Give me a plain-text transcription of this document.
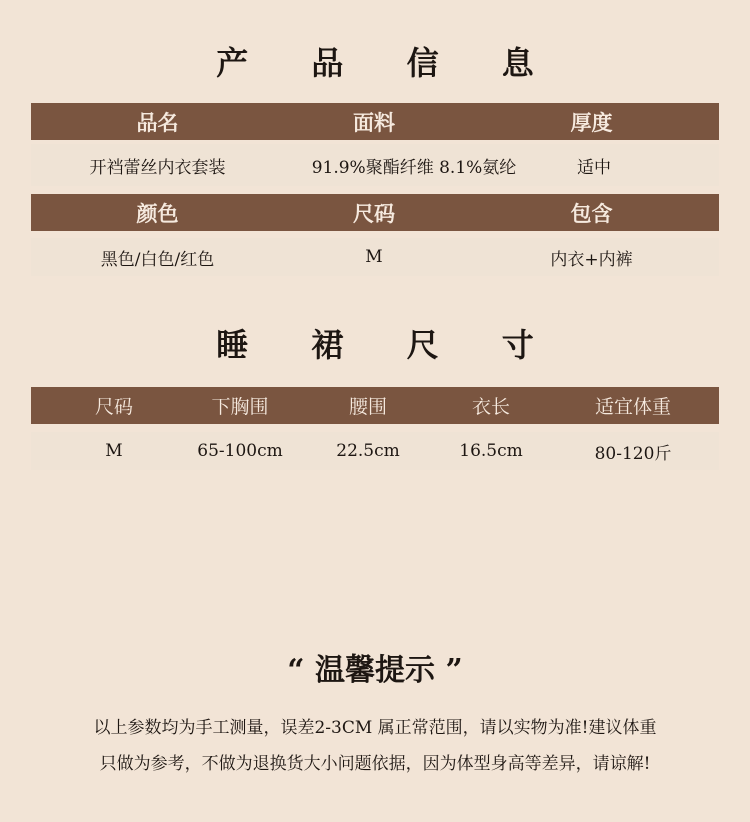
产 品 信 息
品名	面料	厚度
开裆蕾丝内衣套装	91.9%聚酯纤维 8.1%氨纶	适中
颜色	尺码	包含
黑色/白色/红色	M	内衣+内裤
睡 裙 尺 寸
尺码	下胸围	腰围	衣长	适宜体重
M	65-100cm	22.5cm	16.5cm	80-120斤
“ 温馨提示 ”
以上参数均为手工测量，误差2-3CM 属正常范围，请以实物为准!建议体重
只做为参考，不做为退换货大小问题依据，因为体型身高等差异，请谅解!
